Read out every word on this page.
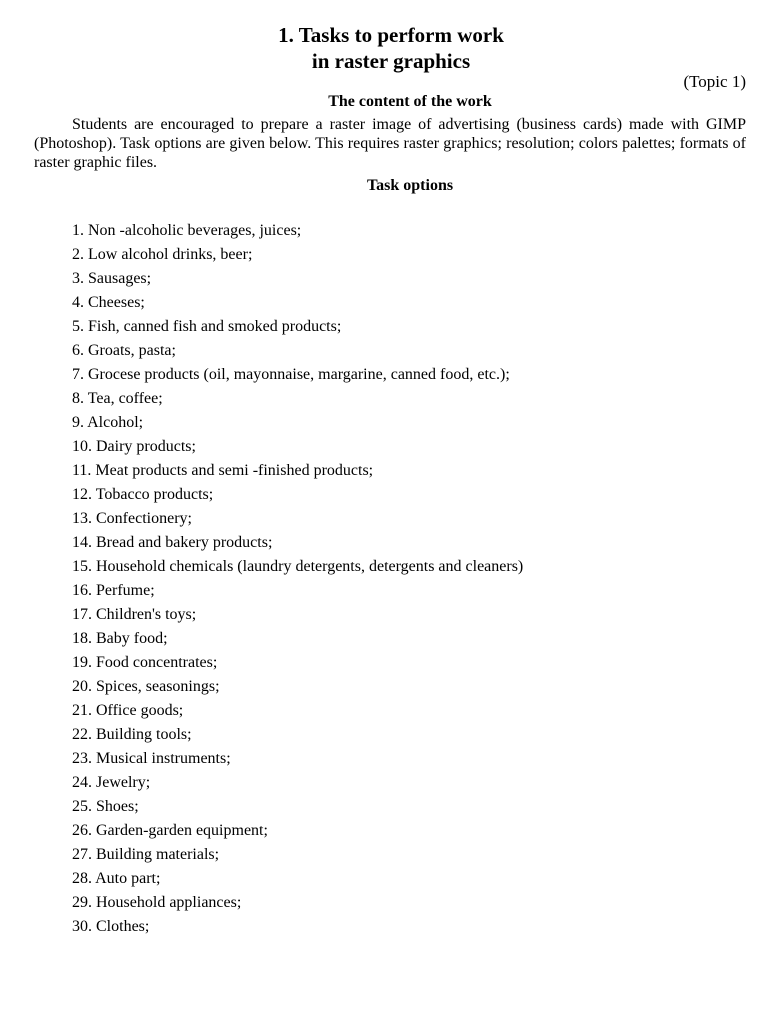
1. Tasks to perform work
in raster graphics
(Topic 1)
The content of the work

Students are encouraged to prepare a raster image of advertising (business cards) made with GIMP (Photoshop). Task options are given below. This requires raster graphics; resolution; colors palettes; formats of raster graphic files.

Task options
1. Non -alcoholic beverages, juices;
2. Low alcohol drinks, beer;
3. Sausages;
4. Cheeses;
5. Fish, canned fish and smoked products;
6. Groats, pasta;
7. Grocese products (oil, mayonnaise, margarine, canned food, etc.);
8. Tea, coffee;
9. Alcohol;
10. Dairy products;
11. Meat products and semi -finished products;
12. Tobacco products;
13. Confectionery;
14. Bread and bakery products;
15. Household chemicals (laundry detergents, detergents and cleaners)
16. Perfume;
17. Children's toys;
18. Baby food;
19. Food concentrates;
20. Spices, seasonings;
21. Office goods;
22. Building tools;
23. Musical instruments;
24. Jewelry;
25. Shoes;
26. Garden-garden equipment;
27. Building materials;
28. Auto part;
29. Household appliances;
30. Clothes;
